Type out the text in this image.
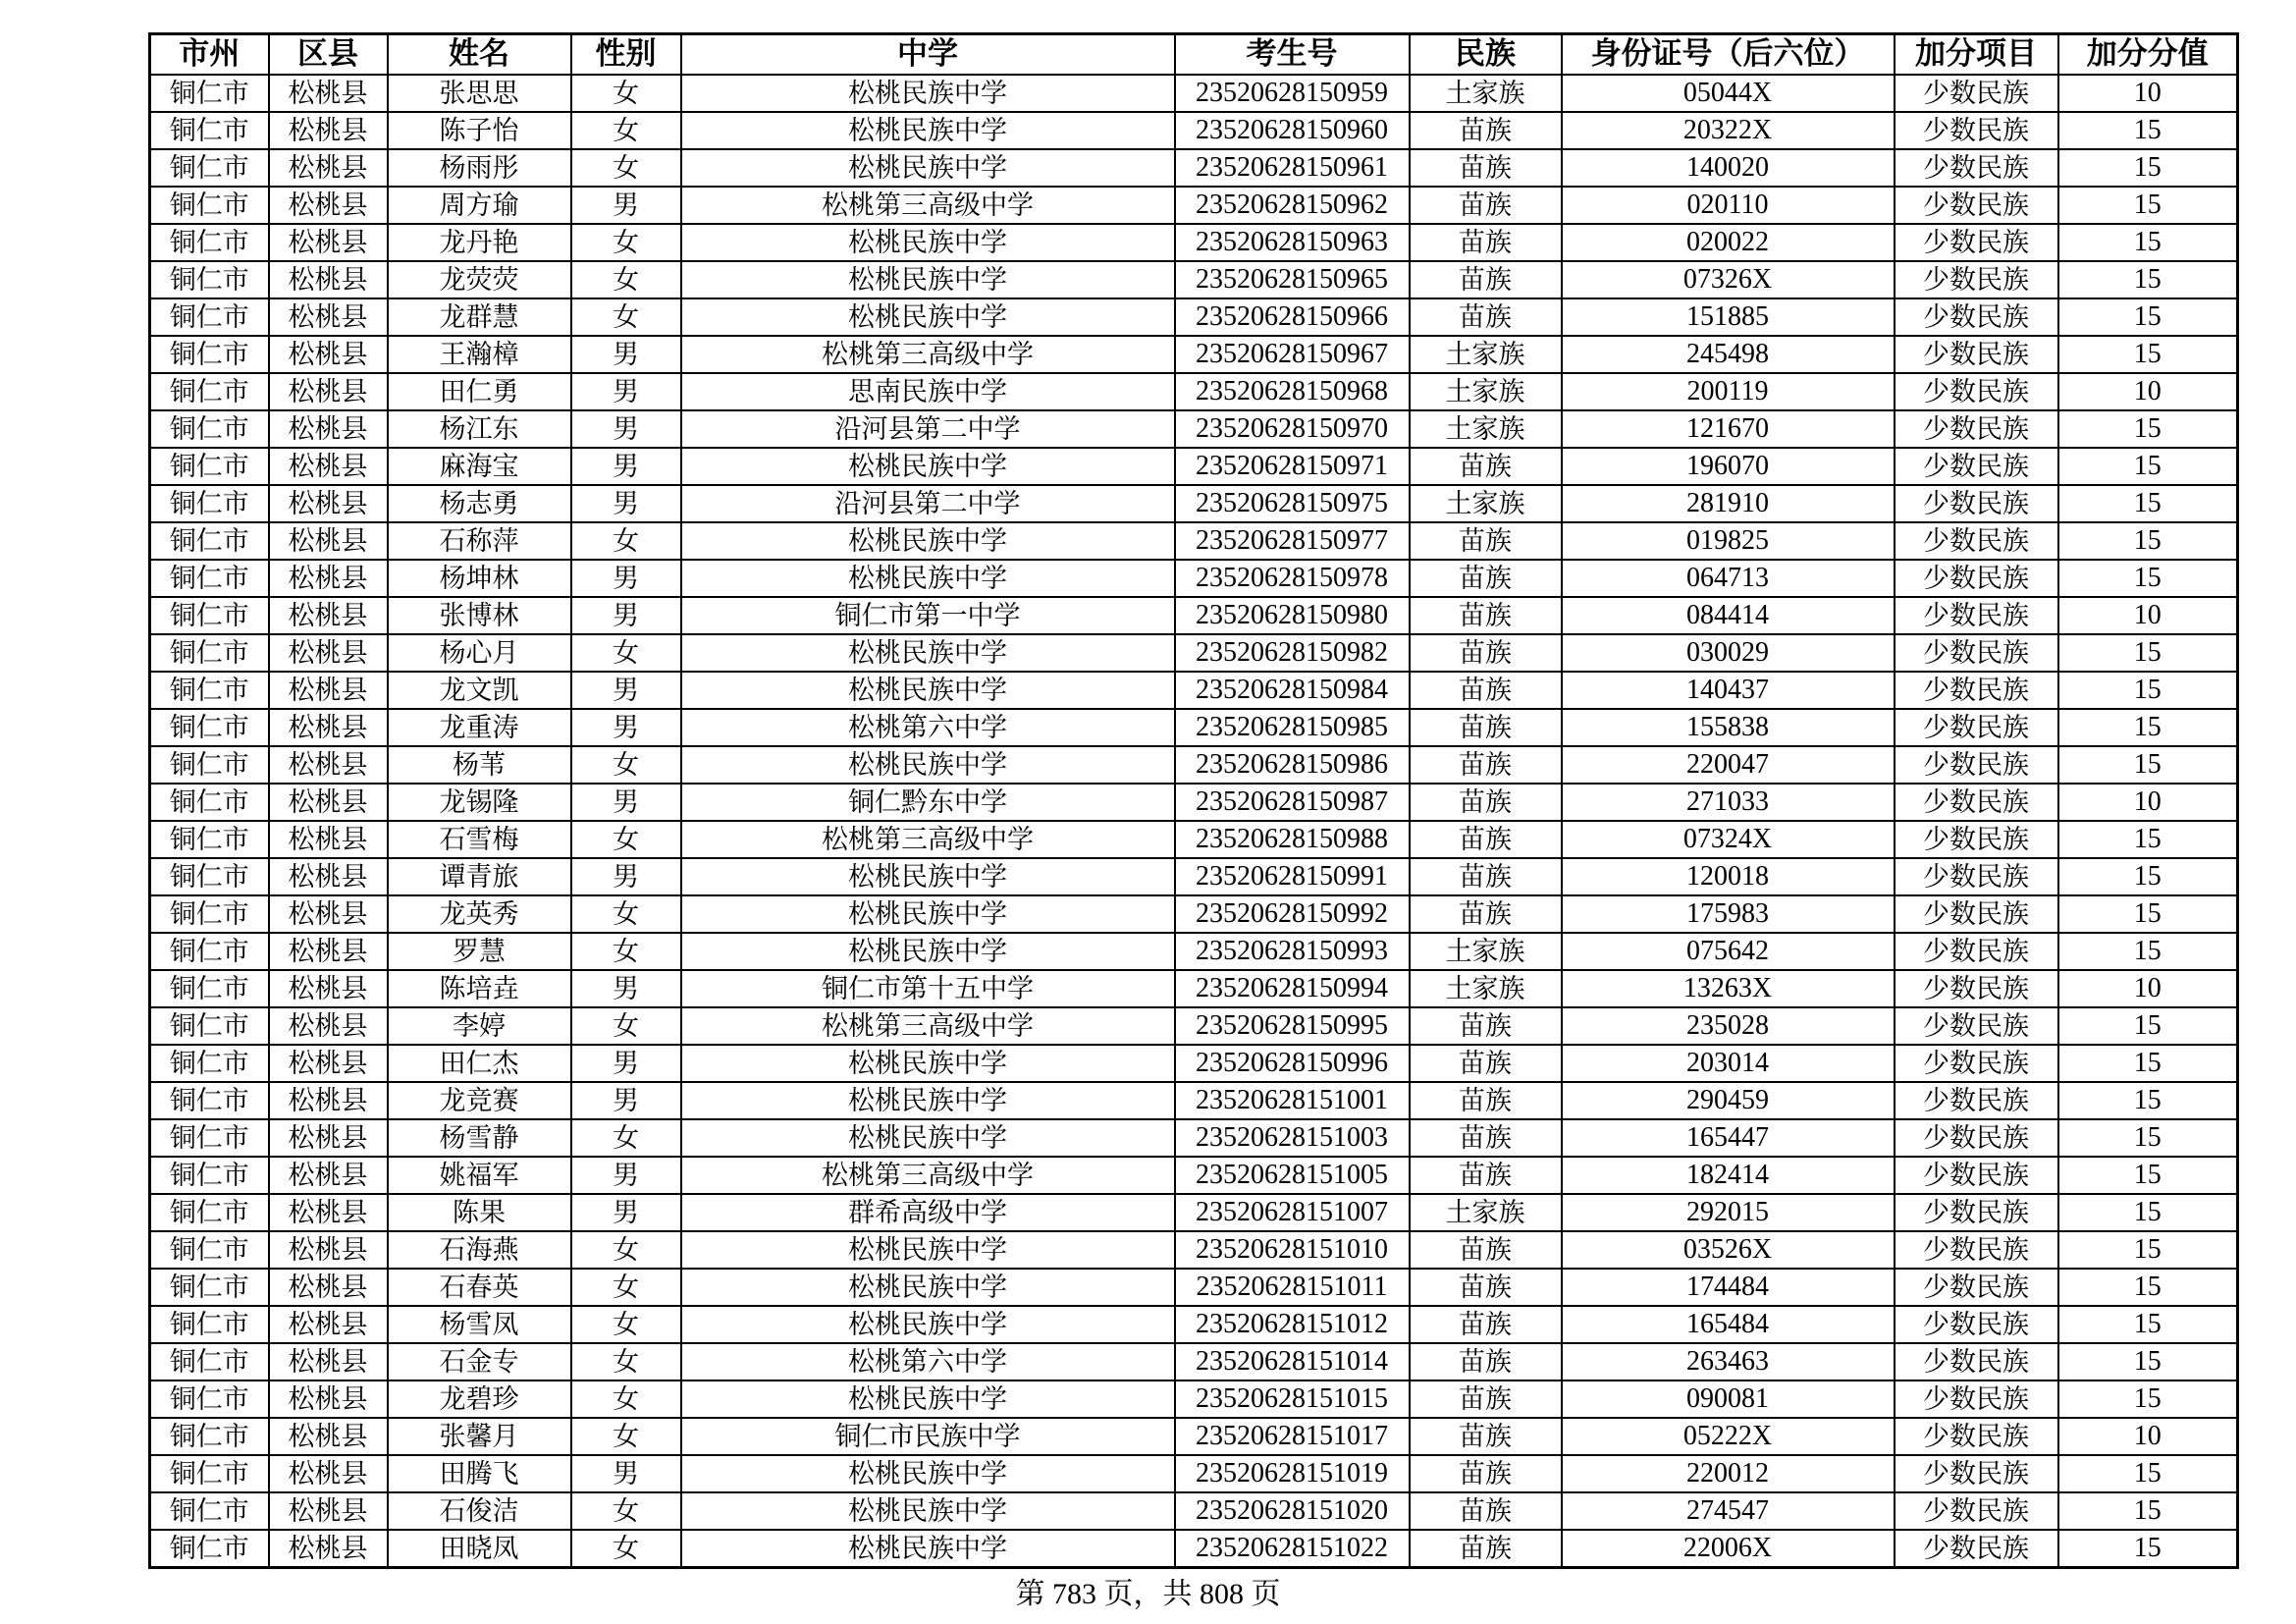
市州	区县	姓名	性别	中学	考生号	民族	身份证号（后六位）	加分项目	加分分值
铜仁市	松桃县	张思思	女	松桃民族中学	23520628150959	土家族	05044X	少数民族	10
铜仁市	松桃县	陈子怡	女	松桃民族中学	23520628150960	苗族	20322X	少数民族	15
铜仁市	松桃县	杨雨彤	女	松桃民族中学	23520628150961	苗族	140020	少数民族	15
铜仁市	松桃县	周方瑜	男	松桃第三高级中学	23520628150962	苗族	020110	少数民族	15
铜仁市	松桃县	龙丹艳	女	松桃民族中学	23520628150963	苗族	020022	少数民族	15
铜仁市	松桃县	龙荧荧	女	松桃民族中学	23520628150965	苗族	07326X	少数民族	15
铜仁市	松桃县	龙群慧	女	松桃民族中学	23520628150966	苗族	151885	少数民族	15
铜仁市	松桃县	王瀚樟	男	松桃第三高级中学	23520628150967	土家族	245498	少数民族	15
铜仁市	松桃县	田仁勇	男	思南民族中学	23520628150968	土家族	200119	少数民族	10
铜仁市	松桃县	杨江东	男	沿河县第二中学	23520628150970	土家族	121670	少数民族	15
铜仁市	松桃县	麻海宝	男	松桃民族中学	23520628150971	苗族	196070	少数民族	15
铜仁市	松桃县	杨志勇	男	沿河县第二中学	23520628150975	土家族	281910	少数民族	15
铜仁市	松桃县	石称萍	女	松桃民族中学	23520628150977	苗族	019825	少数民族	15
铜仁市	松桃县	杨坤林	男	松桃民族中学	23520628150978	苗族	064713	少数民族	15
铜仁市	松桃县	张博林	男	铜仁市第一中学	23520628150980	苗族	084414	少数民族	10
铜仁市	松桃县	杨心月	女	松桃民族中学	23520628150982	苗族	030029	少数民族	15
铜仁市	松桃县	龙文凯	男	松桃民族中学	23520628150984	苗族	140437	少数民族	15
铜仁市	松桃县	龙重涛	男	松桃第六中学	23520628150985	苗族	155838	少数民族	15
铜仁市	松桃县	杨苇	女	松桃民族中学	23520628150986	苗族	220047	少数民族	15
铜仁市	松桃县	龙锡隆	男	铜仁黔东中学	23520628150987	苗族	271033	少数民族	10
铜仁市	松桃县	石雪梅	女	松桃第三高级中学	23520628150988	苗族	07324X	少数民族	15
铜仁市	松桃县	谭青旅	男	松桃民族中学	23520628150991	苗族	120018	少数民族	15
铜仁市	松桃县	龙英秀	女	松桃民族中学	23520628150992	苗族	175983	少数民族	15
铜仁市	松桃县	罗慧	女	松桃民族中学	23520628150993	土家族	075642	少数民族	15
铜仁市	松桃县	陈培垚	男	铜仁市第十五中学	23520628150994	土家族	13263X	少数民族	10
铜仁市	松桃县	李婷	女	松桃第三高级中学	23520628150995	苗族	235028	少数民族	15
铜仁市	松桃县	田仁杰	男	松桃民族中学	23520628150996	苗族	203014	少数民族	15
铜仁市	松桃县	龙竞赛	男	松桃民族中学	23520628151001	苗族	290459	少数民族	15
铜仁市	松桃县	杨雪静	女	松桃民族中学	23520628151003	苗族	165447	少数民族	15
铜仁市	松桃县	姚福军	男	松桃第三高级中学	23520628151005	苗族	182414	少数民族	15
铜仁市	松桃县	陈果	男	群希高级中学	23520628151007	土家族	292015	少数民族	15
铜仁市	松桃县	石海燕	女	松桃民族中学	23520628151010	苗族	03526X	少数民族	15
铜仁市	松桃县	石春英	女	松桃民族中学	23520628151011	苗族	174484	少数民族	15
铜仁市	松桃县	杨雪凤	女	松桃民族中学	23520628151012	苗族	165484	少数民族	15
铜仁市	松桃县	石金专	女	松桃第六中学	23520628151014	苗族	263463	少数民族	15
铜仁市	松桃县	龙碧珍	女	松桃民族中学	23520628151015	苗族	090081	少数民族	15
铜仁市	松桃县	张馨月	女	铜仁市民族中学	23520628151017	苗族	05222X	少数民族	10
铜仁市	松桃县	田腾飞	男	松桃民族中学	23520628151019	苗族	220012	少数民族	15
铜仁市	松桃县	石俊洁	女	松桃民族中学	23520628151020	苗族	274547	少数民族	15
铜仁市	松桃县	田晓凤	女	松桃民族中学	23520628151022	苗族	22006X	少数民族	15
第 783 页，共 808 页
